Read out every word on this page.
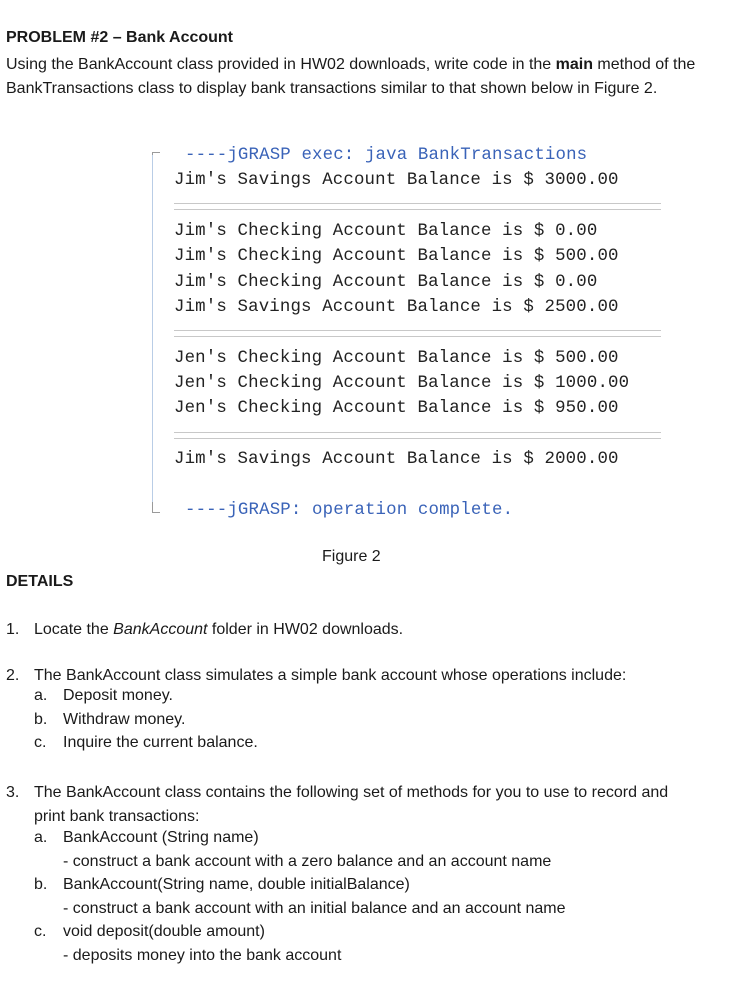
PROBLEM #2 – Bank Account
Using the BankAccount class provided in HW02 downloads, write code in the main method of the BankTransactions class to display bank transactions similar to that shown below in Figure 2.
----jGRASP exec: java BankTransactions
Jim's Savings Account Balance is $ 3000.00
Jim's Checking Account Balance is $ 0.00
Jim's Checking Account Balance is $ 500.00
Jim's Checking Account Balance is $ 0.00
Jim's Savings Account Balance is $ 2500.00
Jen's Checking Account Balance is $ 500.00
Jen's Checking Account Balance is $ 1000.00
Jen's Checking Account Balance is $ 950.00
Jim's Savings Account Balance is $ 2000.00
----jGRASP: operation complete.
Figure 2
DETAILS
1. Locate the BankAccount folder in HW02 downloads.
2. The BankAccount class simulates a simple bank account whose operations include:
a. Deposit money.
b. Withdraw money.
c. Inquire the current balance.
3. The BankAccount class contains the following set of methods for you to use to record and print bank transactions:
a. BankAccount (String name)
- construct a bank account with a zero balance and an account name
b. BankAccount(String name, double initialBalance)
- construct a bank account with an initial balance and an account name
c. void deposit(double amount)
- deposits money into the bank account
